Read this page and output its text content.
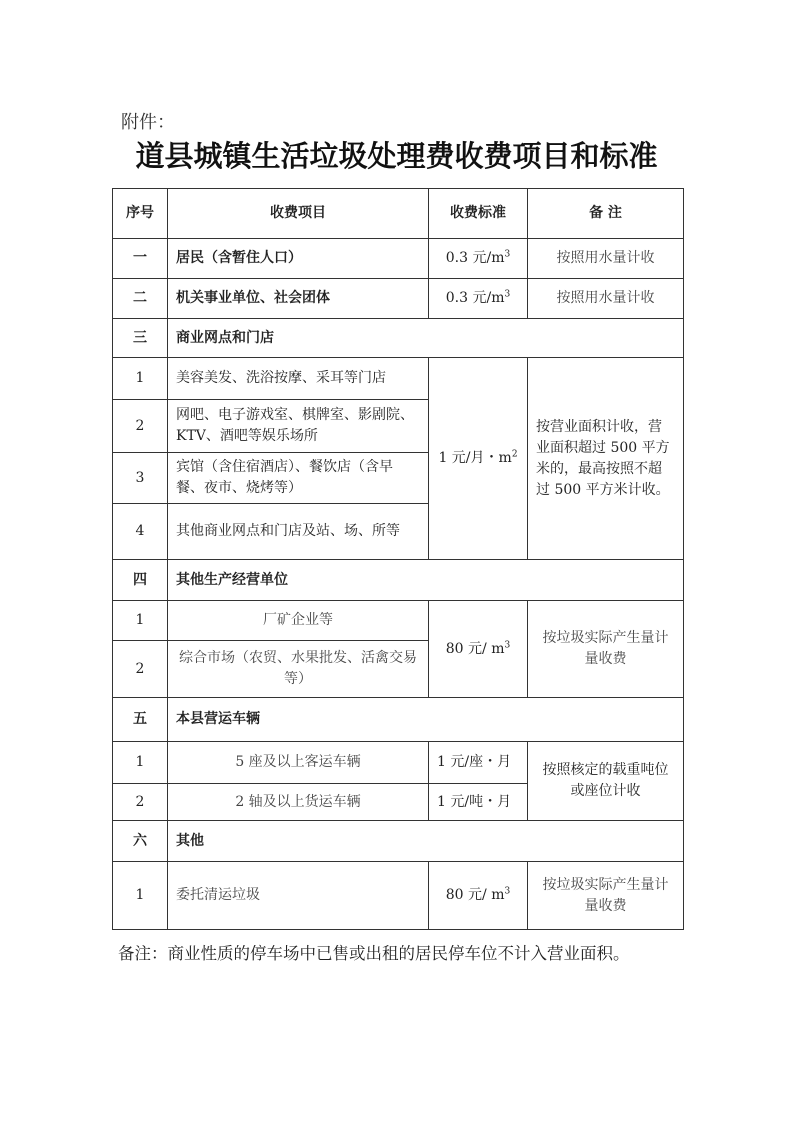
附件：
道县城镇生活垃圾处理费收费项目和标准
序号	收费项目	收费标准	备 注
一	居民（含暂住人口）	0.3 元$/m^3$	按照用水量计收
二	机关事业单位、社会团体	0.3 元$/m^3$	按照用水量计收
三	商业网点和门店		
1	美容美发、洗浴按摩、采耳等门店	1 元/月・$m^2$	按营业面积计收，营业面积超过 500 平方米的，最高按照不超过 500 平方米计收。
2	网吧、电子游戏室、棋牌室、影剧院、KTV、酒吧等娱乐场所		
3	宾馆（含住宿酒店）、餐饮店（含早餐、夜市、烧烤等）		
4	其他商业网点和门店及站、场、所等		
四	其他生产经营单位		
1	厂矿企业等	80 元/ $m^3$	按垃圾实际产生量计量收费
2	综合市场（农贸、水果批发、活禽交易等）		
五	本县营运车辆		
1	5 座及以上客运车辆	1 元/座・月	按照核定的载重吨位或座位计收
2	2 轴及以上货运车辆	1 元/吨・月	
六	其他		
1	委托清运垃圾	80 元/ $m^3$	按垃圾实际产生量计量收费
备注：商业性质的停车场中已售或出租的居民停车位不计入营业面积。
